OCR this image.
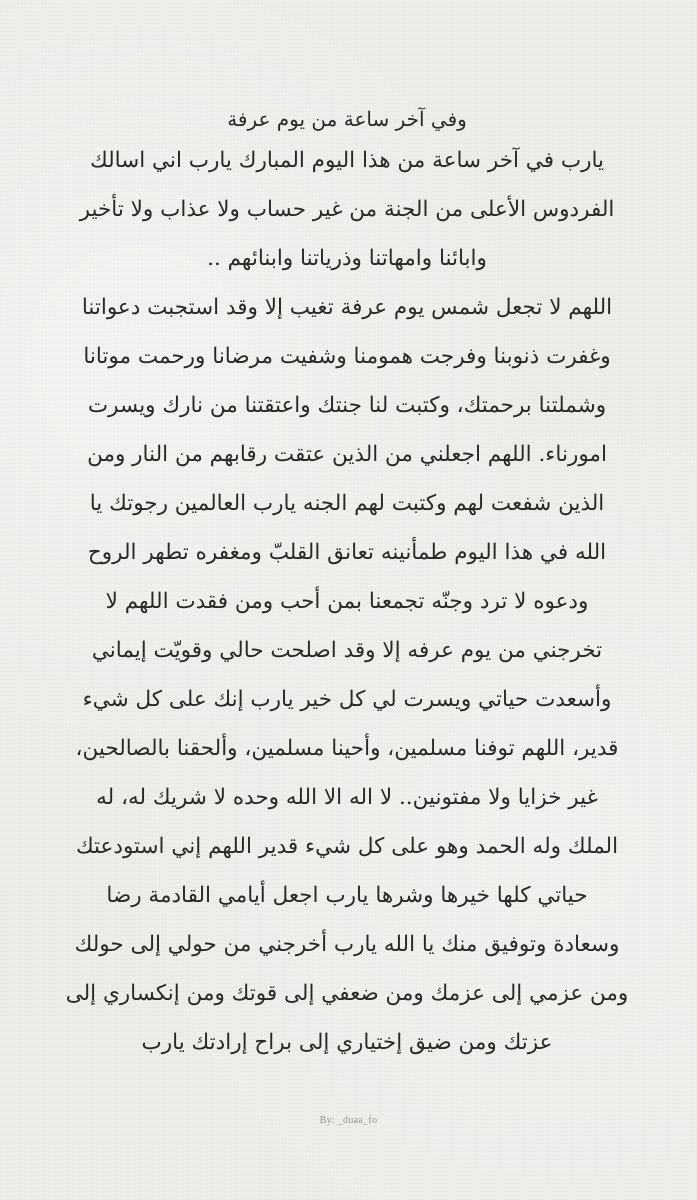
وفي آخر ساعة من يوم عرفة
يارب في آخر ساعة من هذا اليوم المبارك يارب اني اسالك
الفردوس الأعلى من الجنة من غير حساب ولا عذاب ولا تأخير
وابائنا وامهاتنا وذرياتنا وابنائهم ..
اللهم لا تجعل شمس يوم عرفة تغيب إلا وقد استجبت دعواتنا
وغفرت ذنوبنا وفرجت همومنا وشفيت مرضانا ورحمت موتانا
وشملتنا برحمتك، وكتبت لنا جنتك واعتقتنا من نارك ويسرت
امورناء. اللهم اجعلني من الذين عتقت رقابهم من النار ومن
الذين شفعت لهم وكتبت لهم الجنه يارب العالمين رجوتك يا
الله في هذا اليوم طمأنينه تعانق القلبّ ومغفره تطهر الروح
ودعوه لا ترد وجنّه تجمعنا بمن أحب ومن فقدت اللهم لا
تخرجني من يوم عرفه إلا وقد اصلحت حالي وقويّت إيماني
وأسعدت حياتي ويسرت لي كل خير يارب إنك على كل شيء
قدير، اللهم توفنا مسلمين، وأحينا مسلمين، وألحقنا بالصالحين،
غير خزايا ولا مفتونين.. لا اله الا الله وحده لا شريك له، له
الملك وله الحمد وهو على كل شيء قدير اللهم إني استودعتك
حياتي كلها خيرها وشرها يارب اجعل أيامي القادمة رضا
وسعادة وتوفيق منك يا الله يارب أخرجني من حولي إلى حولك
ومن عزمي إلى عزمك ومن ضعفي إلى قوتك ومن إنكساري إلى
عزتك ومن ضيق إختياري إلى براح إرادتك يارب
By: _duaa_fo
